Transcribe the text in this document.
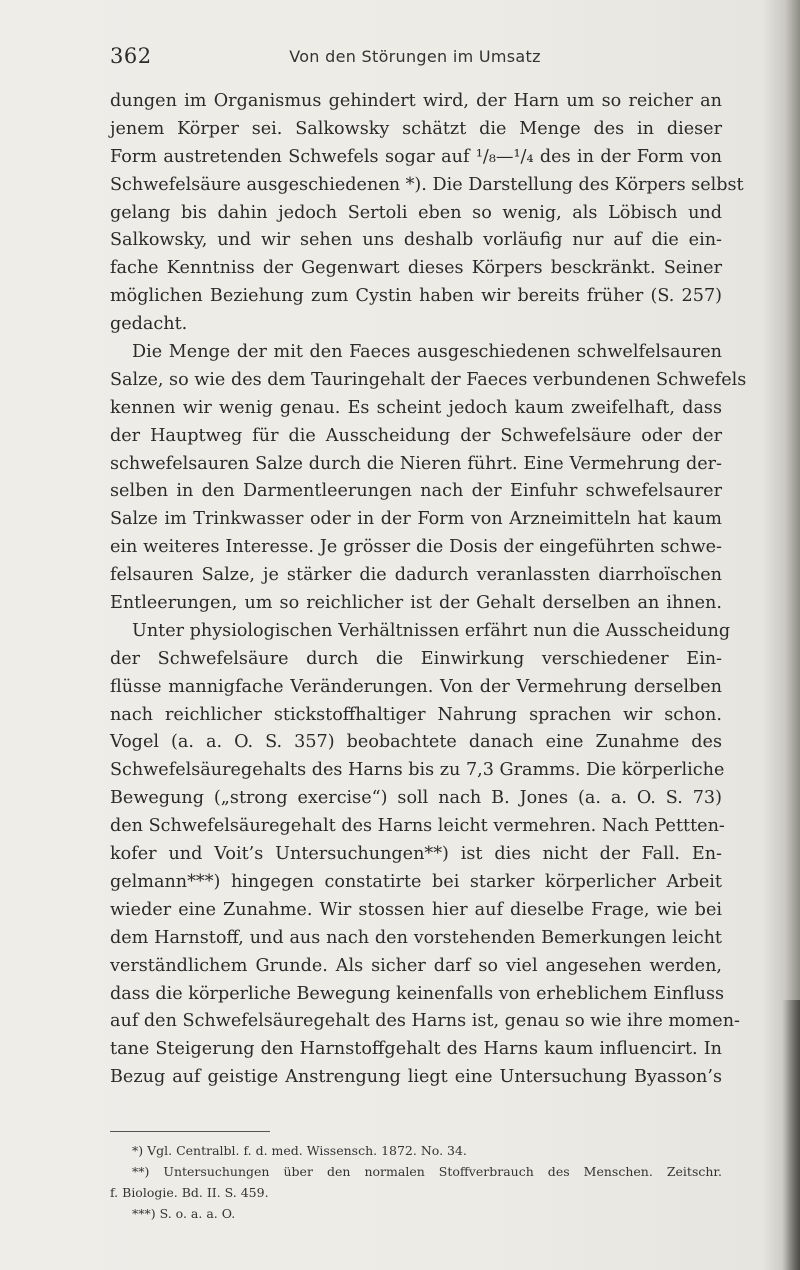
362	Von den Störungen im Umsatz
dungen im Organismus gehindert wird, der Harn um so reicher an
jenem Körper sei. Salkowsky schätzt die Menge des in dieser
Form austretenden Schwefels sogar auf ¹/₈—¹/₄ des in der Form von
Schwefelsäure ausgeschiedenen *). Die Darstellung des Körpers selbst
gelang bis dahin jedoch Sertoli eben so wenig, als Löbisch und
Salkowsky, und wir sehen uns deshalb vorläufig nur auf die ein-
fache Kenntniss der Gegenwart dieses Körpers besckränkt. Seiner
möglichen Beziehung zum Cystin haben wir bereits früher (S. 257)
gedacht.
Die Menge der mit den Faeces ausgeschiedenen schwelfelsauren
Salze, so wie des dem Tauringehalt der Faeces verbundenen Schwefels
kennen wir wenig genau. Es scheint jedoch kaum zweifelhaft, dass
der Hauptweg für die Ausscheidung der Schwefelsäure oder der
schwefelsauren Salze durch die Nieren führt. Eine Vermehrung der-
selben in den Darmentleerungen nach der Einfuhr schwefelsaurer
Salze im Trinkwasser oder in der Form von Arzneimitteln hat kaum
ein weiteres Interesse. Je grösser die Dosis der eingeführten schwe-
felsauren Salze, je stärker die dadurch veranlassten diarrhoïschen
Entleerungen, um so reichlicher ist der Gehalt derselben an ihnen.
Unter physiologischen Verhältnissen erfährt nun die Ausscheidung
der Schwefelsäure durch die Einwirkung verschiedener Ein-
flüsse mannigfache Veränderungen. Von der Vermehrung derselben
nach reichlicher stickstoffhaltiger Nahrung sprachen wir schon.
Vogel (a. a. O. S. 357) beobachtete danach eine Zunahme des
Schwefelsäuregehalts des Harns bis zu 7,3 Gramms. Die körperliche
Bewegung („strong exercise“) soll nach B. Jones (a. a. O. S. 73)
den Schwefelsäuregehalt des Harns leicht vermehren. Nach Pettten-
kofer und Voit’s Untersuchungen**) ist dies nicht der Fall. En-
gelmann***) hingegen constatirte bei starker körperlicher Arbeit
wieder eine Zunahme. Wir stossen hier auf dieselbe Frage, wie bei
dem Harnstoff, und aus nach den vorstehenden Bemerkungen leicht
verständlichem Grunde. Als sicher darf so viel angesehen werden,
dass die körperliche Bewegung keinenfalls von erheblichem Einfluss
auf den Schwefelsäuregehalt des Harns ist, genau so wie ihre momen-
tane Steigerung den Harnstoffgehalt des Harns kaum influencirt. In
Bezug auf geistige Anstrengung liegt eine Untersuchung Byasson’s
*) Vgl. Centralbl. f. d. med. Wissensch. 1872. No. 34.
**) Untersuchungen über den normalen Stoffverbrauch des Menschen. Zeitschr.
f. Biologie. Bd. II. S. 459.
***) S. o. a. a. O.
